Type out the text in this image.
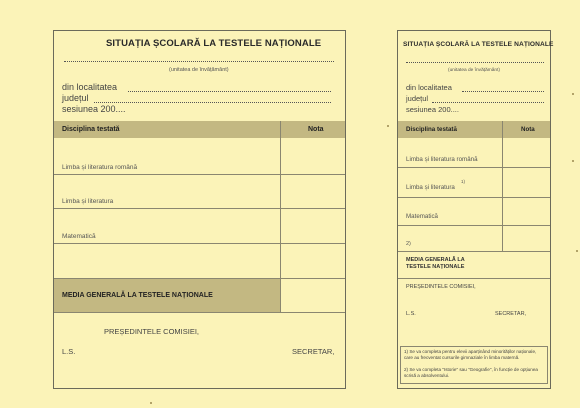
SITUAȚIA ȘCOLARĂ LA TESTELE NAȚIONALE
(unitatea de învățământ)
din localitatea
județul
sesiunea 200....
Disciplina testată	Nota
Limba și literatura română
Limba și literatura
Matematică
MEDIA GENERALĂ LA TESTELE NAȚIONALE
PREȘEDINTELE COMISIEI,
L.S.	SECRETAR,
SITUAȚIA ȘCOLARĂ LA TESTELE NAȚIONALE
(unitatea de învățământ)
din localitatea
județul
sesiunea 200....
Disciplina testată	Nota
Limba și literatura română
Limba și literatura
1)
Matematică
2)
MEDIA GENERALĂ LA TESTELE NAȚIONALE
PREȘEDINTELE COMISIEI,
L.S.	SECRETAR,
1) Se va completa pentru elevii aparținând minorităților naționale, care au frecventat cursurile gimnaziale în limba maternă.
2) Se va completa "Istorie" sau "Geografie", în funcție de opțiunea scrisă a absolventului.
